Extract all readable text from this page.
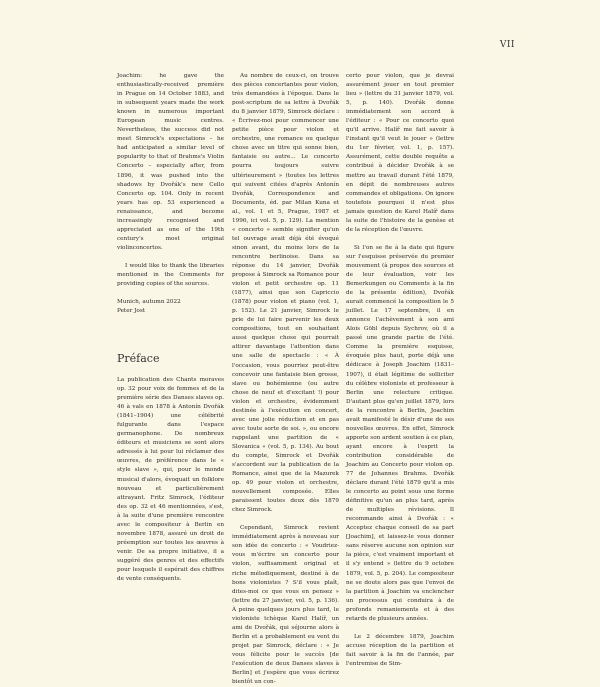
VII

Joachim: he gave the enthusiastically-received première in Prague on 14 October 1883, and in subsequent years made the work known in numerous important European music centres. Nevertheless, the success did not meet Simrock's expectations – he had anticipated a similar level of popularity to that of Brahms's Violin Concerto – especially after, from 1896, it was pushed into the shadows by Dvořák's new Cello Concerto op. 104. Only in recent years has op. 53 experienced a renaissance, and become increasingly recognised and appreciated as one of the 19th century's most original violinconcertos.

I would like to thank the libraries mentioned in the Comments for providing copies of the sources.

Munich, autumn 2022
Peter Jost
Préface

La publication des Chants moraves op. 32 pour voix de femmes et de la première série des Danses slaves op. 46 à vals en 1878 à Antonín Dvořák (1841–1904) une célébrité fulgurante dans l'espace germanophone. De nombreux éditeurs et musiciens se sont alors adressés à lui pour lui réclamer des œuvres, de préférence dans le « style slave », qui, pour le monde musical d'alors, évoquait un folklore nouveau et particulièrement attrayant. Fritz Simrock, l'éditeur des op. 32 et 46 mentionnées, s'est, à la suite d'une première rencontre avec le compositeur à Berlin en novembre 1878, assuré un droit de préemption sur toutes les œuvres à venir. De sa propre initiative, il a suggéré des genres et des effectifs pour lesquels il espérait des chiffres de vente conséquents.

Au nombre de ceux-ci, on trouve des pièces concertantes pour violon, très demandées à l'époque. Dans le post-scriptum de sa lettre à Dvořák du 8 janvier 1879, Simrock déclare : « Écrivez-moi pour commencer une petite pièce pour violon et orchestre, une romance ou quelque chose avec un titre qui sonne bien, fantaisie ou autre... Le concerto pourra toujours suivre ultérieurement » (toutes les lettres qui suivent citées d'après Antonín Dvořák, Correspondence and Documents, éd. par Milan Kuna et al., vol. 1 et 5, Prague, 1987 et 1996, ici vol. 5, p. 129). La mention « concerto » semble signifier qu'un tel ouvrage avait déjà été évoqué sinon avant, du moins lors de la rencontre berlinoise. Dans sa réponse du 14 janvier, Dvořák propose à Simrock sa Romance pour violon et petit orchestre op. 11 (1877), ainsi que son Capriccio (1878) pour violon et piano (vol. 1, p. 152). Le 21 janvier, Simrock le prie de lui faire parvenir les deux compositions, tout en souhaitant aussi quelque chose qui pourrait attirer davantage l'attention dans une salle de spectacle : « À l'occasion, vous pourriez peut-être concevoir une fantaisie bien grosse, slave ou bohémienne (ou autre chose de neuf et d'excitant !) pour violon et orchestre, évidemment destinée à l'exécution en concert, avec une jolie réduction et en pas avec toute sorte de soi. », ou encore rappelant une partition de « Slovanica » (vol. 5, p. 134). Au bout du compte, Simrock et Dvořák s'accordent sur la publication de la Romance, ainsi que de la Mazurek op. 49 pour violon et orchestre, nouvellement composée. Elles paraissent toutes deux dès 1879 chez Simrock.

Cependant, Simrock revient immédiatement après à nouveau sur son idée de concerto : « Voudriez-vous m'écrire un concerto pour violon, suffisamment original et riche mélodiquement, destiné à de bons violonistes ? S'il vous plaît, dites-moi ce que vous en pensez » (lettre du 27 janvier, vol. 5, p. 136). À peine quelques jours plus tard, le violoniste tchèque Karel Halíř, un ami de Dvořák, qui séjourne alors à Berlin et a probablement eu vent du projet par Simrock, déclare : « Je vous félicite pour le succès [de l'exécution de deux Danses slaves à Berlin] et j'espère que vous écrirez bientôt un con-

certo pour violon, que je devrai assurément jouer en tout premier lieu » (lettre du 31 janvier 1879, vol. 5, p. 140). Dvořák donne immédiatement son accord à l'éditeur : « Pour ce concerto quoi qu'il arrive. Halíř me fait savoir à l'instant qu'il veut le jouer » (lettre du 1er février, vol. 1, p. 157). Assurément, cette double requête a contribué à décider Dvořák à se mettre au travail durant l'été 1879, en dépit de nombreuses autres commandes et obligations. On ignore toutefois pourquoi il n'est plus jamais question de Karel Halíř dans la suite de l'histoire de la genèse et de la réception de l'œuvre.

Si l'on se fie à la date qui figure sur l'esquisse préservée du premier mouvement (à propos des sources et de leur évaluation, voir les Bemerkungen ou Comments à la fin de la présente édition), Dvořák aurait commencé la composition le 5 juillet. Le 17 septembre, il en annonce l'achèvement à son ami Alois Göbl depuis Sychrov, où il a passé une grande partie de l'été. Comme la première esquisse, évoquée plus haut, porte déjà une dédicace à Joseph Joachim (1831–1907), il était légitime de solliciter du célèbre violoniste et professeur à Berlin une relecture critique. D'autant plus qu'en juillet 1879, lors de la rencontre à Berlin, Joachim avait manifesté le désir d'une de ses nouvelles œuvres. En effet, Simrock apporte son ardent soutien à ce plan, ayant encore à l'esprit la contribution considérable de Joachim au Concerto pour violon op. 77 de Johannes Brahms. Dvořák déclare durant l'été 1879 qu'il a mis le concerto au point sous une forme définitive qu'un an plus tard, après de multiples révisions. Il recommande ainsi à Dvořák : « Acceptez chaque conseil de sa part [Joachim], et laissez-le vous donner sans réserve aucune son opinion sur la pièce, c'est vraiment important et il s'y entend » (lettre du 9 octobre 1879, vol. 5, p. 204). Le compositeur ne se doute alors pas que l'envoi de la partition à Joachim va enclencher un processus qui conduira à de profonds remaniements et à des retards de plusieurs années.

Le 2 décembre 1879, Joachim accuse réception de la partition et fait savoir à la fin de l'année, par l'entremise de Sim-
